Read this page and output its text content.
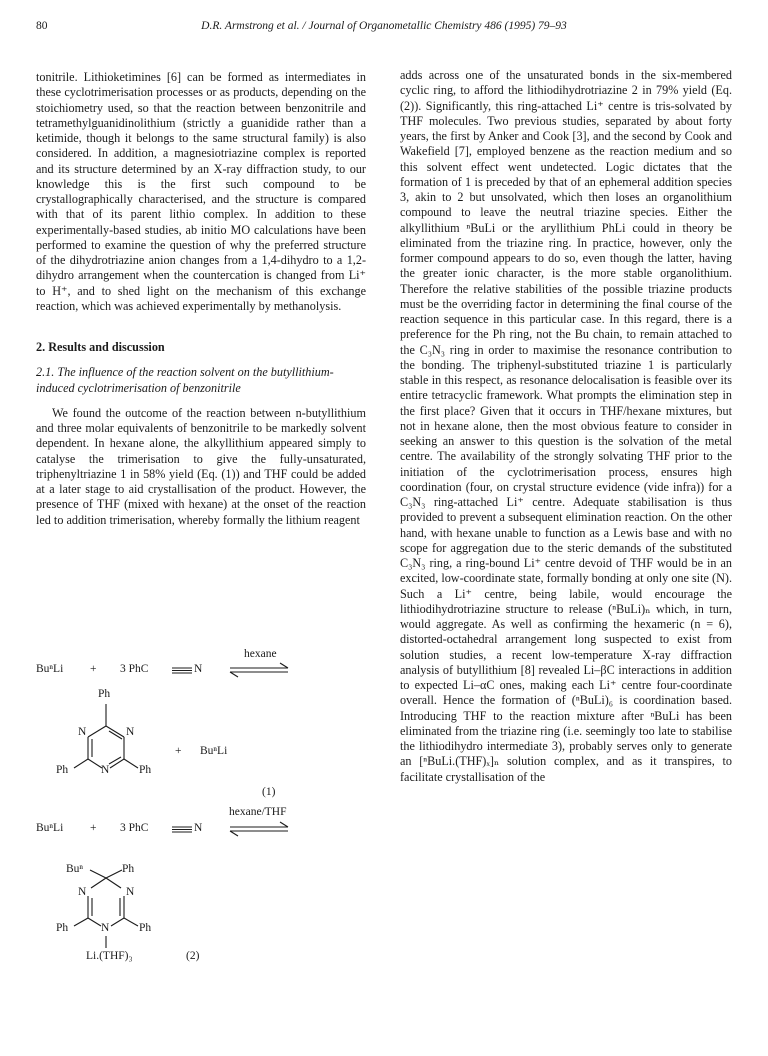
80	D.R. Armstrong et al. / Journal of Organometallic Chemistry 486 (1995) 79–93

tonitrile. Lithioketimines [6] can be formed as intermediates in these cyclotrimerisation processes or as products, depending on the stoichiometry used, so that the reaction between benzonitrile and tetramethylguanidinolithium (strictly a guanidide rather than a ketimide, though it belongs to the same structural family) is also considered. In addition, a magnesiotriazine complex is reported and its structure determined by an X-ray diffraction study, to our knowledge this is the first such compound to be crystallographically characterised, and the structure is compared with that of its parent lithio complex. In addition to these experimentally-based studies, ab initio MO calculations have been performed to examine the question of why the preferred structure of the dihydrotriazine anion changes from a 1,4-dihydro to a 1,2-dihydro arrangement when the countercation is changed from Li⁺ to H⁺, and to shed light on the mechanism of this exchange reaction, which was achieved experimentally by methanolysis.

2. Results and discussion
2.1. The influence of the reaction solvent on the butyllithium-induced cyclotrimerisation of benzonitrile

We found the outcome of the reaction between n-butyllithium and three molar equivalents of benzonitrile to be markedly solvent dependent. In hexane alone, the alkyllithium appeared simply to catalyse the trimerisation to give the fully-unsaturated, triphenyltriazine 1 in 58% yield (Eq. (1)) and THF could be added at a later stage to aid crystallisation of the product. However, the presence of THF (mixed with hexane) at the onset of the reaction led to addition trimerisation, whereby formally the lithium reagent

BuⁿLi + 3 PhC	N
hexane
Ph
N	N
N
Ph	Ph
+ BuⁿLi
(1)
BuⁿLi + 3 PhC	N
hexane/THF
Buⁿ	Ph
N	N
N
Ph	Ph
Li.(THF)₃	(2)

adds across one of the unsaturated bonds in the six-membered cyclic ring, to afford the lithiodihydrotriazine 2 in 79% yield (Eq. (2)). Significantly, this ring-attached Li⁺ centre is tris-solvated by THF molecules. Two previous studies, separated by about forty years, the first by Anker and Cook [3], and the second by Cook and Wakefield [7], employed benzene as the reaction medium and so this solvent effect went undetected. Logic dictates that the formation of 1 is preceded by that of an ephemeral addition species 3, akin to 2 but unsolvated, which then loses an organolithium compound to leave the neutral triazine species. Either the alkyllithium ⁿBuLi or the aryllithium PhLi could in theory be eliminated from the triazine ring. In practice, however, only the former compound appears to do so, even though the latter, having the greater ionic character, is the more stable organolithium. Therefore the relative stabilities of the possible triazine products must be the overriding factor in determining the final course of the reaction sequence in this particular case. In this regard, there is a preference for the Ph ring, not the Bu chain, to remain attached to the C₃N₃ ring in order to maximise the resonance contribution to the bonding. The triphenyl-substituted triazine 1 is particularly stable in this respect, as resonance delocalisation is feasible over its entire tetracyclic framework. What prompts the elimination step in the first place? Given that it occurs in THF/hexane mixtures, but not in hexane alone, then the most obvious feature to consider in seeking an answer to this question is the solvation of the metal centre. The availability of the strongly solvating THF prior to the initiation of the cyclotrimerisation process, ensures high coordination (four, on crystal structure evidence (vide infra)) for a C₃N₃ ring-attached Li⁺ centre. Adequate stabilisation is thus provided to prevent a subsequent elimination reaction. On the other hand, with hexane unable to function as a Lewis base and with no scope for aggregation due to the steric demands of the substituted C₃N₃ ring, a ring-bound Li⁺ centre devoid of THF would be in an excited, low-coordinate state, formally bonding at only one site (N). Such a Li⁺ centre, being labile, would encourage the lithiodihydrotriazine structure to release (ⁿBuLi)ₙ which, in turn, would aggregate. As well as confirming the hexameric (n = 6), distorted-octahedral arrangement long suspected to exist from solution studies, a recent low-temperature X-ray diffraction analysis of butyllithium [8] revealed Li–βC interactions in addition to expected Li–αC ones, making each Li⁺ centre four-coordinate overall. Hence the formation of (ⁿBuLi)₆ is coordination based. Introducing THF to the reaction mixture after ⁿBuLi has been eliminated from the triazine ring (i.e. seemingly too late to stabilise the lithiodihydro intermediate 3), probably serves only to generate an [ⁿBuLi.(THF)ₓ]ₙ solution complex, and as it transpires, to facilitate crystallisation of the
